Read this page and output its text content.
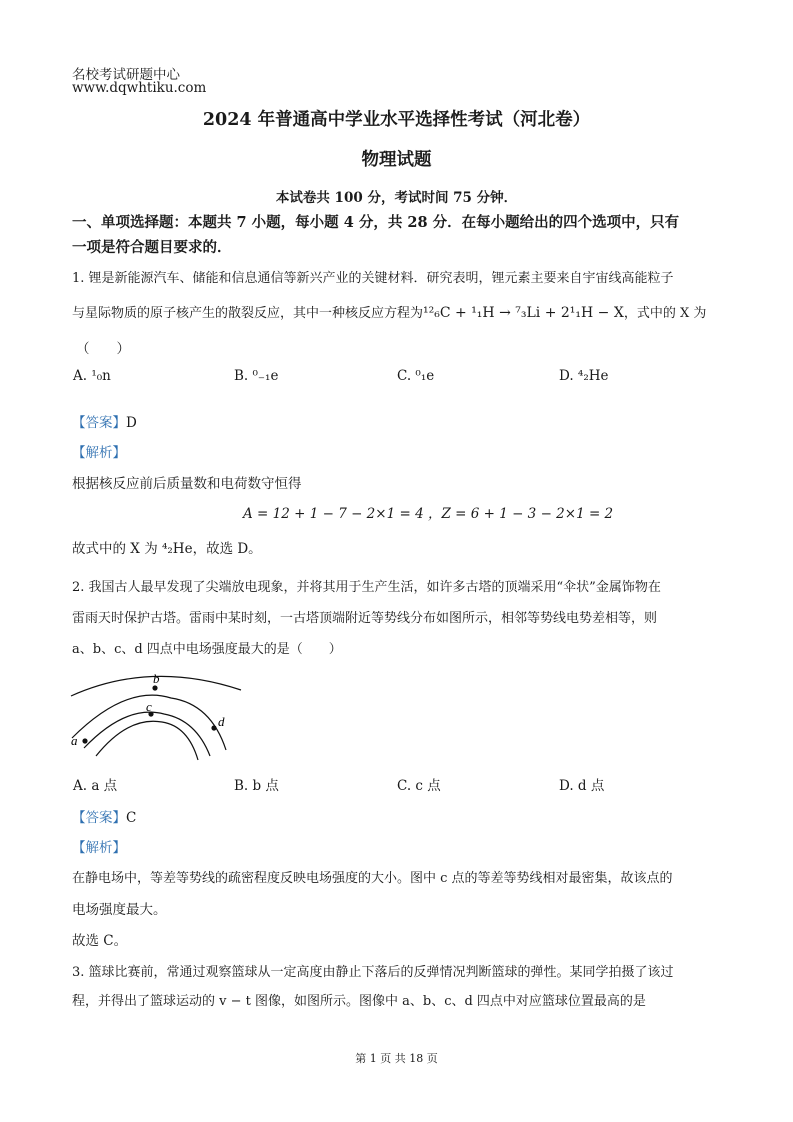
名校考试研题中心
www.dqwhtiku.com
2024 年普通高中学业水平选择性考试（河北卷）
物理试题
本试卷共 100 分，考试时间 75 分钟．
一、单项选择题：本题共 7 小题，每小题 4 分，共 28 分．在每小题给出的四个选项中，只有
一项是符合题目要求的．
1. 锂是新能源汽车、储能和信息通信等新兴产业的关键材料．研究表明，锂元素主要来自宇宙线高能粒子
与星际物质的原子核产生的散裂反应，其中一种核反应方程为¹²₆C + ¹₁H → ⁷₃Li + 2¹₁H − X，式中的 X 为
（　　）
A. ¹₀n	B. ⁰₋₁e	C. ⁰₁e	D. ⁴₂He
【答案】D
【解析】
根据核反应前后质量数和电荷数守恒得
A = 12 + 1 − 7 − 2×1 = 4 ，Z = 6 + 1 − 3 − 2×1 = 2
故式中的 X 为 ⁴₂He，故选 D。
2. 我国古人最早发现了尖端放电现象，并将其用于生产生活，如许多古塔的顶端采用“伞状”金属饰物在
雷雨天时保护古塔。雷雨中某时刻，一古塔顶端附近等势线分布如图所示，相邻等势线电势差相等，则
a、b、c、d 四点中电场强度最大的是（　　）
a
b
c
d
A. a 点	B. b 点	C. c 点	D. d 点
【答案】C
【解析】
在静电场中，等差等势线的疏密程度反映电场强度的大小。图中 c 点的等差等势线相对最密集，故该点的
电场强度最大。
故选 C。
3. 篮球比赛前，常通过观察篮球从一定高度由静止下落后的反弹情况判断篮球的弹性。某同学拍摄了该过
程，并得出了篮球运动的 v − t 图像，如图所示。图像中 a、b、c、d 四点中对应篮球位置最高的是
第 1 页 共 18 页
